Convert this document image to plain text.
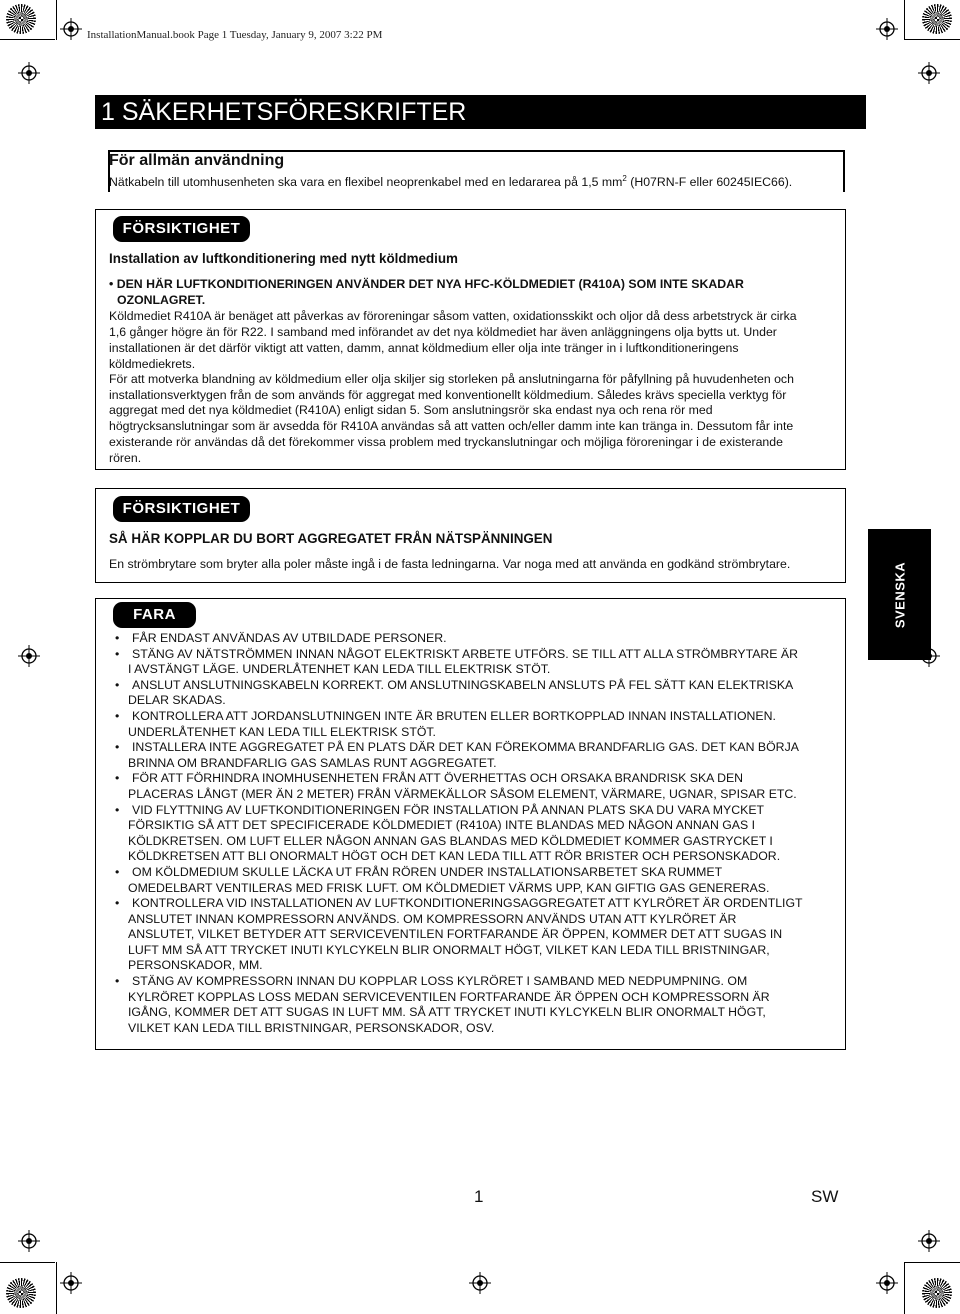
InstallationManual.book Page 1 Tuesday, January 9, 2007 3:22 PM
1 SÄKERHETSFÖRESKRIFTER
För allmän användning
Nätkabeln till utomhusenheten ska vara en flexibel neoprenkabel med en ledararea på 1,5 $mm^2$ (H07RN-F eller 60245IEC66).
FÖRSIKTIGHET
Installation av luftkonditionering med nytt köldmedium
• DEN HÄR LUFTKONDITIONERINGEN ANVÄNDER DET NYA HFC-KÖLDMEDIET (R410A) SOM INTE SKADAR
OZONLAGRET.
Köldmediet R410A är benäget att påverkas av föroreningar såsom vatten, oxidationsskikt och oljor då dess arbetstryck är cirka
1,6 gånger högre än för R22. I samband med införandet av det nya köldmediet har även anläggningens olja bytts ut. Under
installationen är det därför viktigt att vatten, damm, annat köldmedium eller olja inte tränger in i luftkonditioneringens
köldmediekrets.
För att motverka blandning av köldmedium eller olja skiljer sig storleken på anslutningarna för påfyllning på huvudenheten och
installationsverktygen från de som används för aggregat med konventionellt köldmedium. Således krävs speciella verktyg för
aggregat med det nya köldmediet (R410A) enligt sidan 5. Som anslutningsrör ska endast nya och rena rör med
högtrycksanslutningar som är avsedda för R410A användas så att vatten och/eller damm inte kan tränga in. Dessutom får inte
existerande rör användas då det förekommer vissa problem med tryckanslutningar och möjliga föroreningar i de existerande
rören.
FÖRSIKTIGHET
SÅ HÄR KOPPLAR DU BORT AGGREGATET FRÅN NÄTSPÄNNINGEN
En strömbrytare som bryter alla poler måste ingå i de fasta ledningarna. Var noga med att använda en godkänd strömbrytare.
FARA
• FÅR ENDAST ANVÄNDAS AV UTBILDADE PERSONER.
• STÄNG AV NÄTSTRÖMMEN INNAN NÅGOT ELEKTRISKT ARBETE UTFÖRS. SE TILL ATT ALLA STRÖMBRYTARE ÄR
I AVSTÄNGT LÄGE. UNDERLÅTENHET KAN LEDA TILL ELEKTRISK STÖT.
• ANSLUT ANSLUTNINGSKABELN KORREKT. OM ANSLUTNINGSKABELN ANSLUTS PÅ FEL SÄTT KAN ELEKTRISKA
DELAR SKADAS.
• KONTROLLERA ATT JORDANSLUTNINGEN INTE ÄR BRUTEN ELLER BORTKOPPLAD INNAN INSTALLATIONEN.
UNDERLÅTENHET KAN LEDA TILL ELEKTRISK STÖT.
• INSTALLERA INTE AGGREGATET PÅ EN PLATS DÄR DET KAN FÖREKOMMA BRANDFARLIG GAS. DET KAN BÖRJA
BRINNA OM BRANDFARLIG GAS SAMLAS RUNT AGGREGATET.
• FÖR ATT FÖRHINDRA INOMHUSENHETEN FRÅN ATT ÖVERHETTAS OCH ORSAKA BRANDRISK SKA DEN
PLACERAS LÅNGT (MER ÄN 2 METER) FRÅN VÄRMEKÄLLOR SÅSOM ELEMENT, VÄRMARE, UGNAR, SPISAR ETC.
• VID FLYTTNING AV LUFTKONDITIONERINGEN FÖR INSTALLATION PÅ ANNAN PLATS SKA DU VARA MYCKET
FÖRSIKTIG SÅ ATT DET SPECIFICERADE KÖLDMEDIET (R410A) INTE BLANDAS MED NÅGON ANNAN GAS I
KÖLDKRETSEN. OM LUFT ELLER NÅGON ANNAN GAS BLANDAS MED KÖLDMEDIET KOMMER GASTRYCKET I
KÖLDKRETSEN ATT BLI ONORMALT HÖGT OCH DET KAN LEDA TILL ATT RÖR BRISTER OCH PERSONSKADOR.
• OM KÖLDMEDIUM SKULLE LÄCKA UT FRÅN RÖREN UNDER INSTALLATIONSARBETET SKA RUMMET
OMEDELBART VENTILERAS MED FRISK LUFT. OM KÖLDMEDIET VÄRMS UPP, KAN GIFTIG GAS GENERERAS.
• KONTROLLERA VID INSTALLATIONEN AV LUFTKONDITIONERINGSAGGREGATET ATT KYLRÖRET ÄR ORDENTLIGT
ANSLUTET INNAN KOMPRESSORN ANVÄNDS. OM KOMPRESSORN ANVÄNDS UTAN ATT KYLRÖRET ÄR
ANSLUTET, VILKET BETYDER ATT SERVICEVENTILEN FORTFARANDE ÄR ÖPPEN, KOMMER DET ATT SUGAS IN
LUFT MM SÅ ATT TRYCKET INUTI KYLCYKELN BLIR ONORMALT HÖGT, VILKET KAN LEDA TILL BRISTNINGAR,
PERSONSKADOR, MM.
• STÄNG AV KOMPRESSORN INNAN DU KOPPLAR LOSS KYLRÖRET I SAMBAND MED NEDPUMPNING. OM
KYLRÖRET KOPPLAS LOSS MEDAN SERVICEVENTILEN FORTFARANDE ÄR ÖPPEN OCH KOMPRESSORN ÄR
IGÅNG, KOMMER DET ATT SUGAS IN LUFT MM. SÅ ATT TRYCKET INUTI KYLCYKELN BLIR ONORMALT HÖGT,
VILKET KAN LEDA TILL BRISTNINGAR, PERSONSKADOR, OSV.
SVENSKA
1	SW
